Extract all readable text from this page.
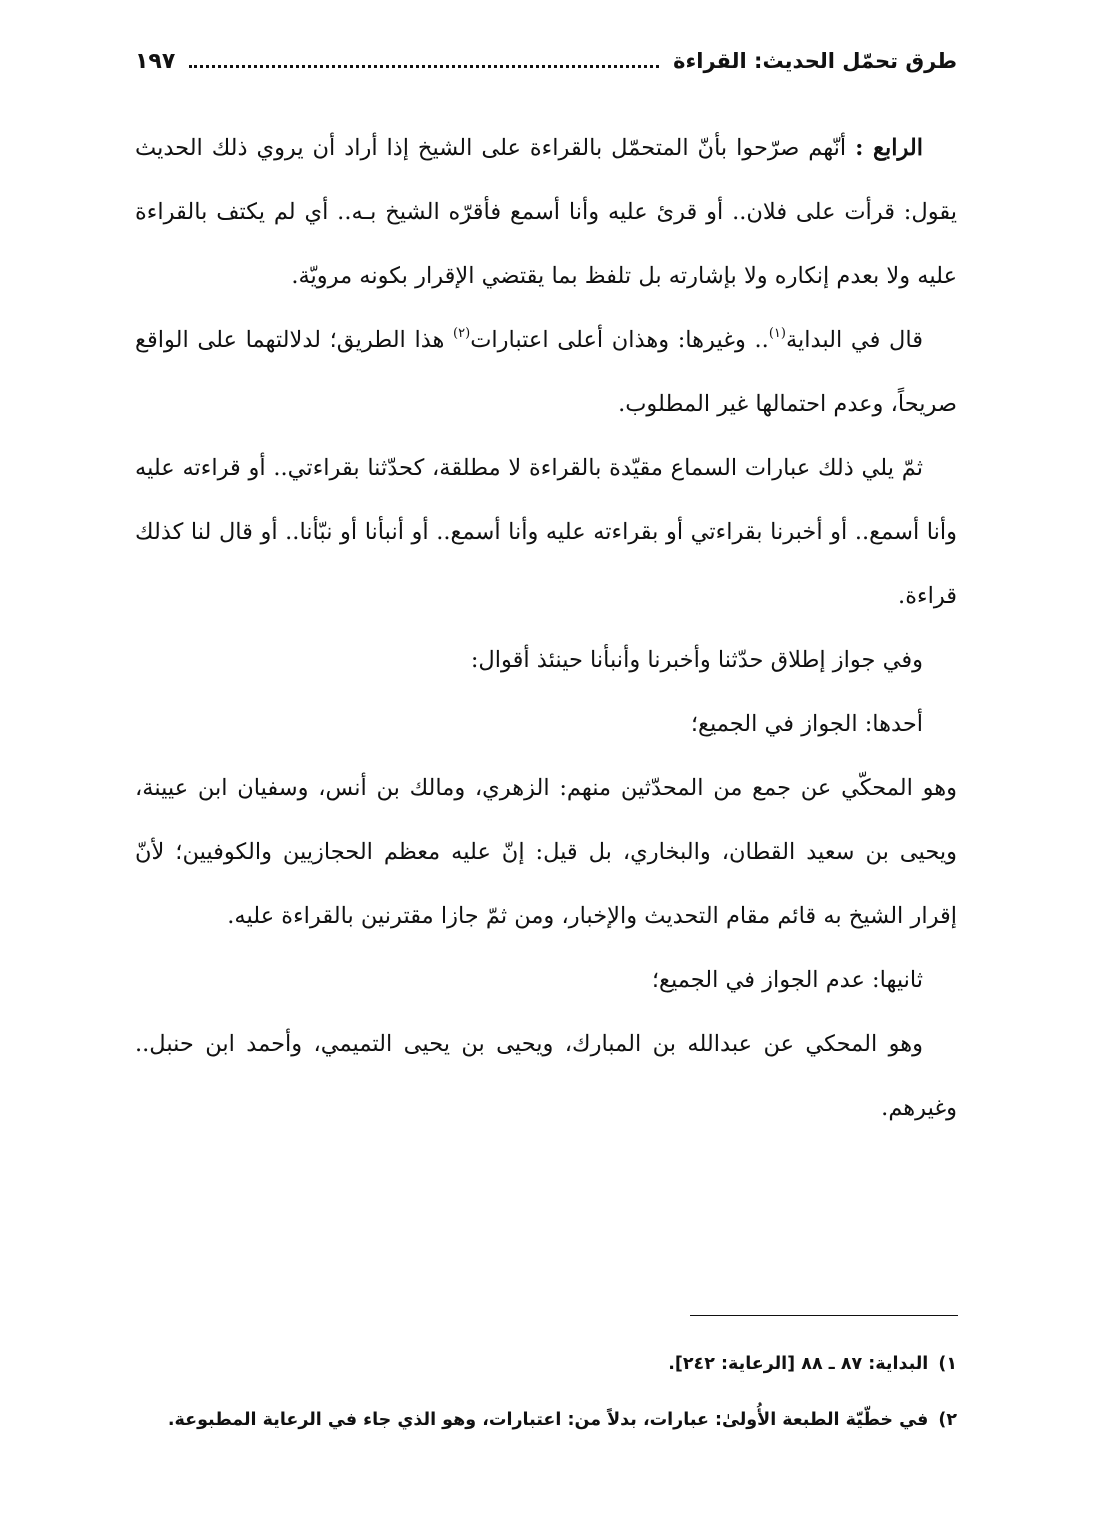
طرق تحمّل الحديث: القراءة
١٩٧

الرابع : أنّهم صرّحوا بأنّ المتحمّل بالقراءة على الشيخ إذا أراد أن يروي ذلك الحديث يقول: قرأت على فلان.. أو قرئ عليه وأنا أسمع فأقرّه الشيخ بـه.. أي لم يكتف بالقراءة عليه ولا بعدم إنكاره ولا بإشارته بل تلفظ بما يقتضي الإقرار بكونه مرويّة.

قال في البداية$^{(١)}$.. وغيرها: وهذان أعلى اعتبارات$^{(٢)}$ هذا الطريق؛ لدلالتهما على الواقع صريحاً، وعدم احتمالها غير المطلوب.

ثمّ يلي ذلك عبارات السماع مقيّدة بالقراءة لا مطلقة، كحدّثنا بقراءتي.. أو قراءته عليه وأنا أسمع.. أو أخبرنا بقراءتي أو بقراءته عليه وأنا أسمع.. أو أنبأنا أو نبّأنا.. أو قال لنا كذلك قراءة.

وفي جواز إطلاق حدّثنا وأخبرنا وأنبأنا حينئذ أقوال:

أحدها: الجواز في الجميع؛

وهو المحكّي عن جمع من المحدّثين منهم: الزهري، ومالك بن أنس، وسفيان ابن عيينة، ويحيى بن سعيد القطان، والبخاري، بل قيل: إنّ عليه معظم الحجازيين والكوفيين؛ لأنّ إقرار الشيخ به قائم مقام التحديث والإخبار، ومن ثمّ جازا مقترنين بالقراءة عليه.

ثانيها: عدم الجواز في الجميع؛

وهو المحكي عن عبدالله بن المبارك، ويحيى بن يحيى التميمي، وأحمد ابن حنبل.. وغيرهم.

١)
البداية: ٨٧ ـ ٨٨ [الرعاية: ٢٤٢].
٢)
في خطّيّة الطبعة الأُولىٰ: عبارات، بدلاً من: اعتبارات، وهو الذي جاء في الرعاية المطبوعة.
